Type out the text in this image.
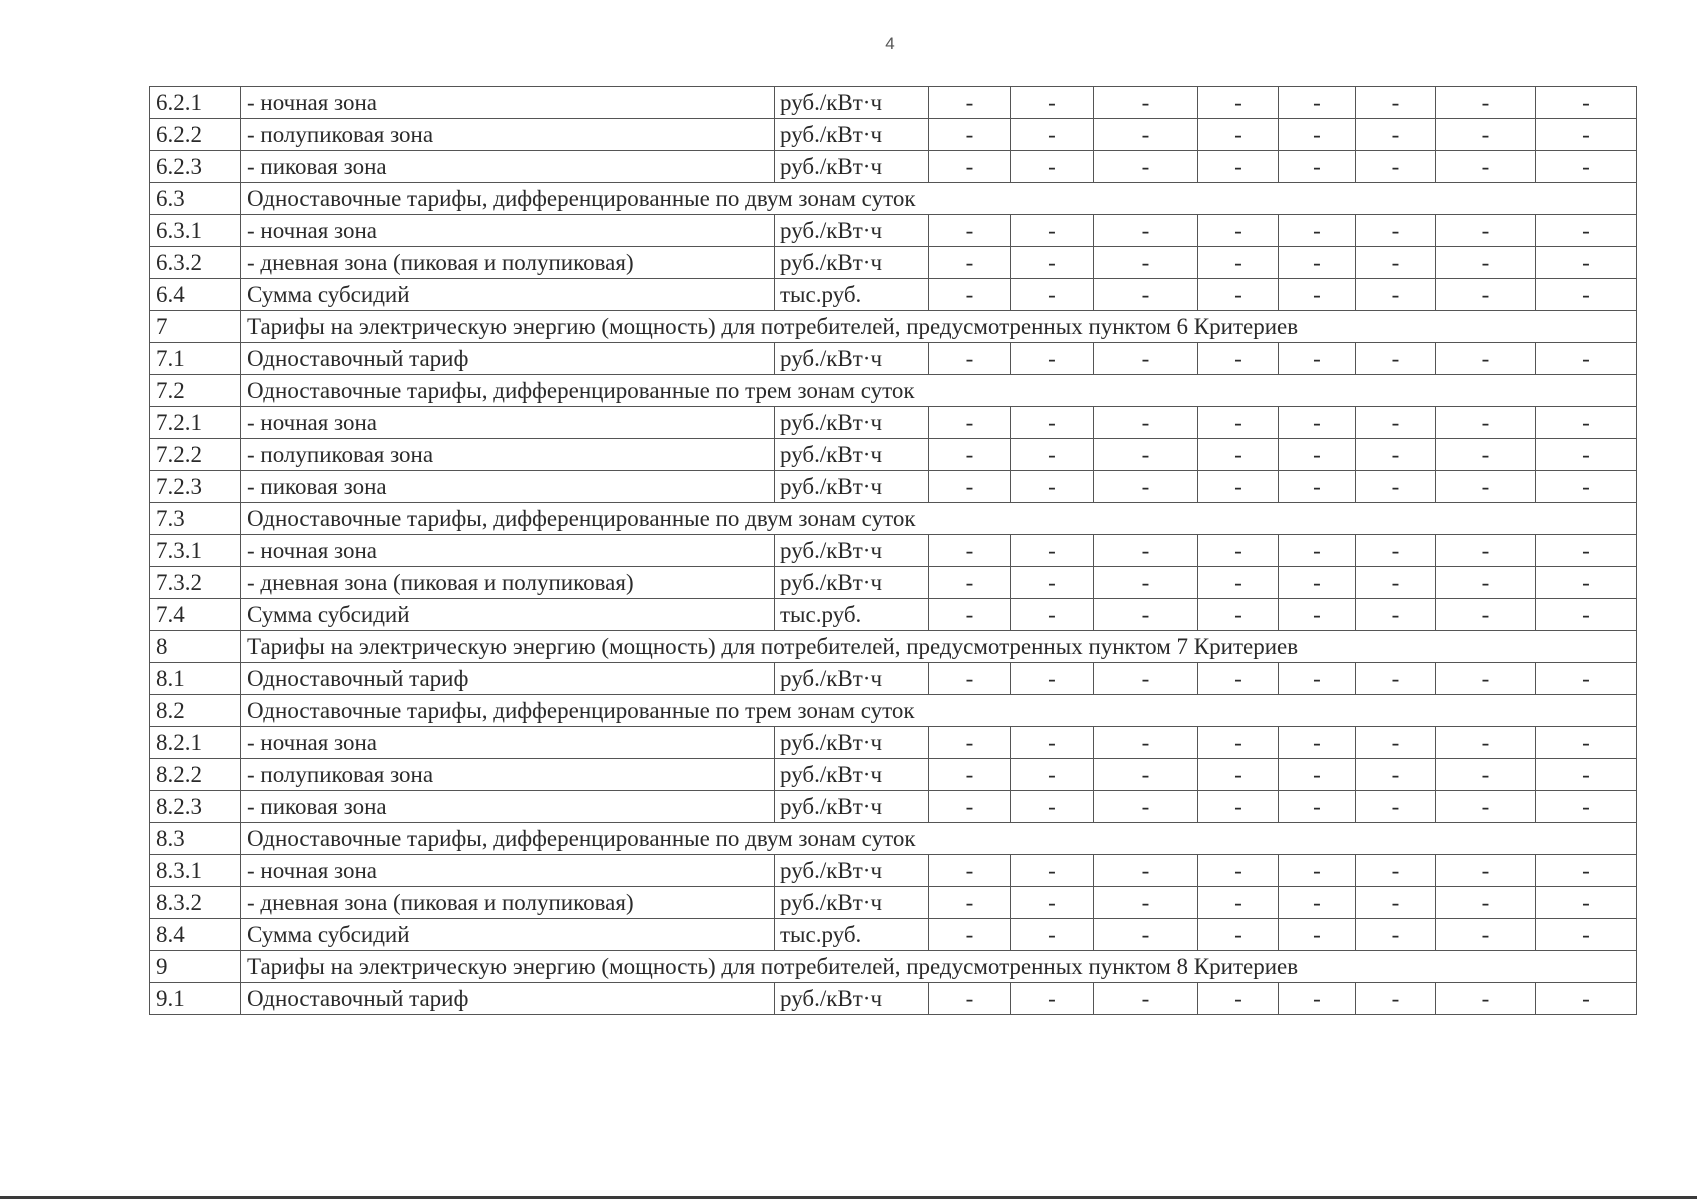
4
6.2.1	- ночная зона	руб./кВт·ч	-	-	-	-	-	-	-	-
6.2.2	- полупиковая зона	руб./кВт·ч	-	-	-	-	-	-	-	-
6.2.3	- пиковая зона	руб./кВт·ч	-	-	-	-	-	-	-	-
6.3	Одноставочные тарифы, дифференцированные по двум зонам суток									
6.3.1	- ночная зона	руб./кВт·ч	-	-	-	-	-	-	-	-
6.3.2	- дневная зона (пиковая и полупиковая)	руб./кВт·ч	-	-	-	-	-	-	-	-
6.4	Сумма субсидий	тыс.руб.	-	-	-	-	-	-	-	-
7	Тарифы на электрическую энергию (мощность) для потребителей, предусмотренных пунктом 6 Критериев									
7.1	Одноставочный тариф	руб./кВт·ч	-	-	-	-	-	-	-	-
7.2	Одноставочные тарифы, дифференцированные по трем зонам суток									
7.2.1	- ночная зона	руб./кВт·ч	-	-	-	-	-	-	-	-
7.2.2	- полупиковая зона	руб./кВт·ч	-	-	-	-	-	-	-	-
7.2.3	- пиковая зона	руб./кВт·ч	-	-	-	-	-	-	-	-
7.3	Одноставочные тарифы, дифференцированные по двум зонам суток									
7.3.1	- ночная зона	руб./кВт·ч	-	-	-	-	-	-	-	-
7.3.2	- дневная зона (пиковая и полупиковая)	руб./кВт·ч	-	-	-	-	-	-	-	-
7.4	Сумма субсидий	тыс.руб.	-	-	-	-	-	-	-	-
8	Тарифы на электрическую энергию (мощность) для потребителей, предусмотренных пунктом 7 Критериев									
8.1	Одноставочный тариф	руб./кВт·ч	-	-	-	-	-	-	-	-
8.2	Одноставочные тарифы, дифференцированные по трем зонам суток									
8.2.1	- ночная зона	руб./кВт·ч	-	-	-	-	-	-	-	-
8.2.2	- полупиковая зона	руб./кВт·ч	-	-	-	-	-	-	-	-
8.2.3	- пиковая зона	руб./кВт·ч	-	-	-	-	-	-	-	-
8.3	Одноставочные тарифы, дифференцированные по двум зонам суток									
8.3.1	- ночная зона	руб./кВт·ч	-	-	-	-	-	-	-	-
8.3.2	- дневная зона (пиковая и полупиковая)	руб./кВт·ч	-	-	-	-	-	-	-	-
8.4	Сумма субсидий	тыс.руб.	-	-	-	-	-	-	-	-
9	Тарифы на электрическую энергию (мощность) для потребителей, предусмотренных пунктом 8 Критериев									
9.1	Одноставочный тариф	руб./кВт·ч	-	-	-	-	-	-	-	-
